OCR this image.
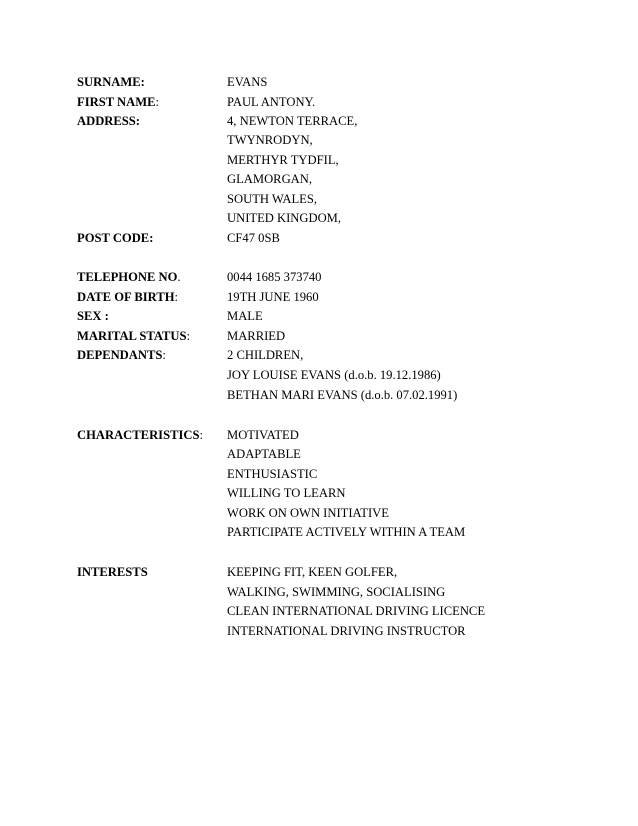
SURNAME:	EVANS
FIRST NAME:	PAUL ANTONY.
ADDRESS:	4, NEWTON TERRACE,
TWYNRODYN,
MERTHYR TYDFIL,
GLAMORGAN,
SOUTH WALES,
UNITED KINGDOM,
POST CODE:	CF47 0SB
TELEPHONE NO.	0044 1685 373740
DATE OF BIRTH:	19TH JUNE 1960
SEX :	MALE
MARITAL STATUS:	MARRIED
DEPENDANTS:	2 CHILDREN,
JOY LOUISE EVANS (d.o.b. 19.12.1986)
BETHAN MARI EVANS (d.o.b. 07.02.1991)
CHARACTERISTICS: MOTIVATED
ADAPTABLE
ENTHUSIASTIC
WILLING TO LEARN
WORK ON OWN INITIATIVE
PARTICIPATE ACTIVELY WITHIN A TEAM
INTERESTS	KEEPING FIT, KEEN GOLFER,
WALKING, SWIMMING, SOCIALISING
CLEAN INTERNATIONAL DRIVING LICENCE
INTERNATIONAL DRIVING INSTRUCTOR
